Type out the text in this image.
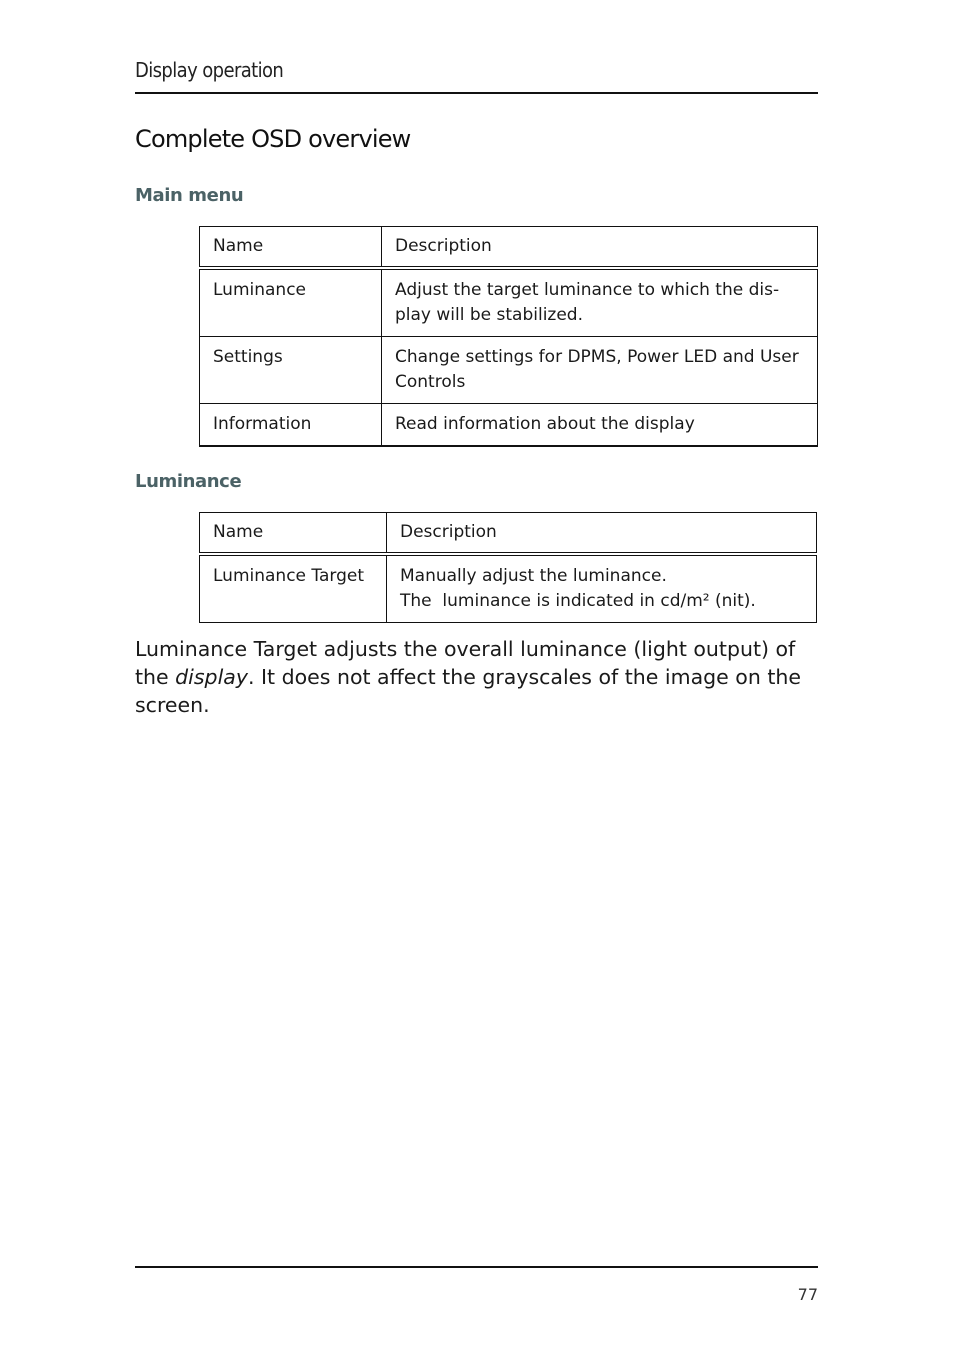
Display operation
Complete OSD overview
Main menu
Name	Description
Luminance	Adjust the target luminance to which the dis-
play will be stabilized.
Settings	Change settings for DPMS, Power LED and User Controls
Information	Read information about the display
Luminance
Name	Description
Luminance Target	Manually adjust the luminance.
The  luminance is indicated in cd/m² (nit).
Luminance Target adjusts the overall luminance (light output) of the display. It does not affect the grayscales of the image on the screen.
77
